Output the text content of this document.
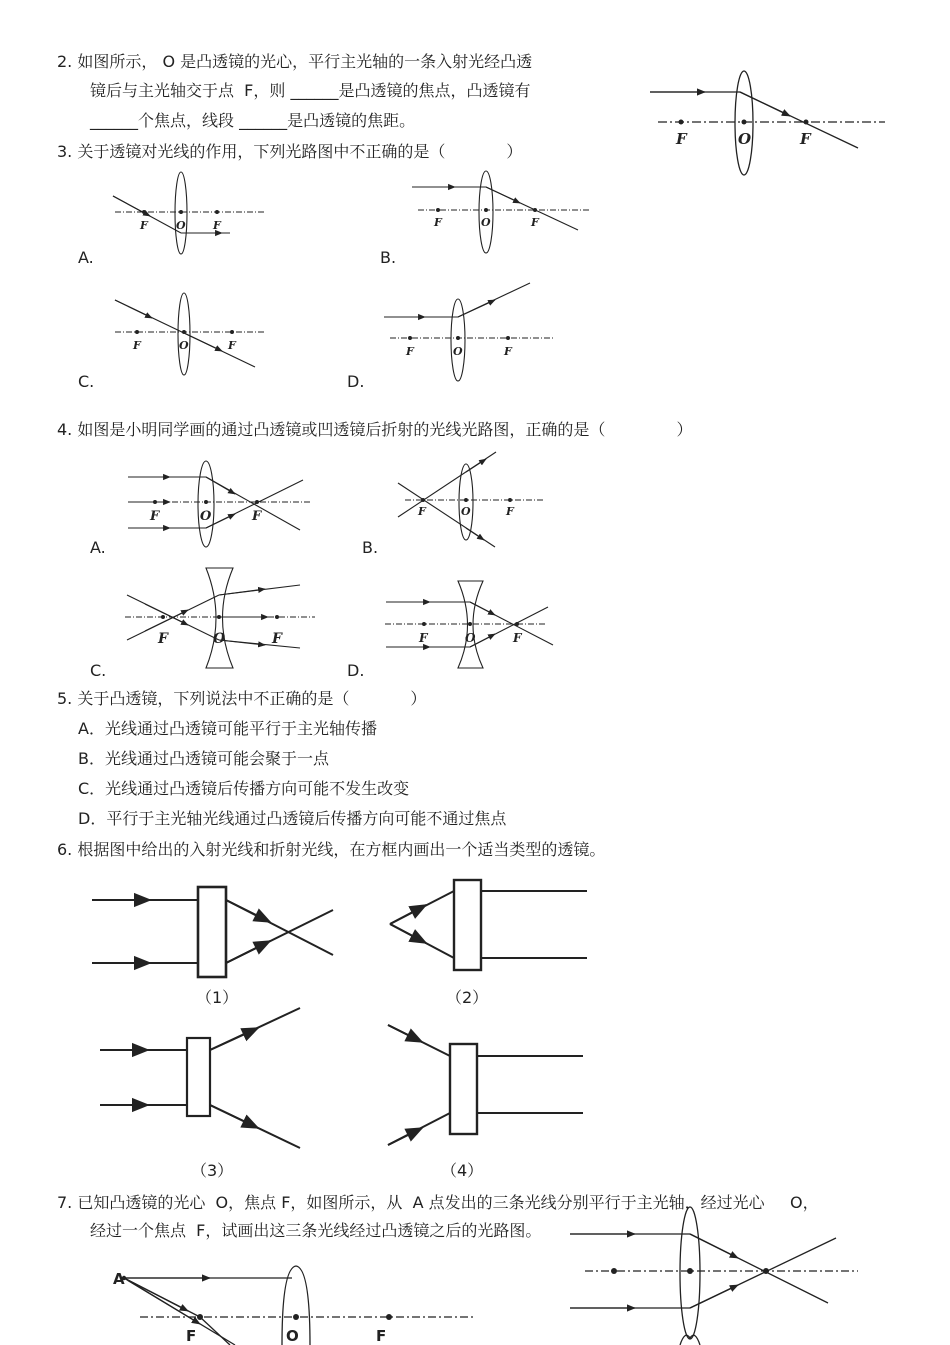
2. 如图所示， O 是凸透镜的光心，平行主光轴的一条入射光经凸透
镜后与主光轴交于点  F，则 ______是凸透镜的焦点，凸透镜有
______个焦点，线段 ______是凸透镜的焦距。
F	O	F
3. 关于透镜对光线的作用，下列光路图中不正确的是（            ）
F	O F	F	O	F
F	O	F	F	O	F
A.	B.
C.	D.
4. 如图是小明同学画的通过凸透镜或凹透镜后折射的光线光路图，正确的是（              ）
F	O	F	F	O	F
F	O	F	F	O	F
A.	B.
C.	D.
5. 关于凸透镜，下列说法中不正确的是（            ）
A．光线通过凸透镜可能平行于主光轴传播
B．光线通过凸透镜可能会聚于一点
C．光线通过凸透镜后传播方向可能不发生改变
D．平行于主光轴光线通过凸透镜后传播方向可能不通过焦点
6. 根据图中给出的入射光线和折射光线，在方框内画出一个适当类型的透镜。
（1）	（2）
（3）	（4）
7. 已知凸透镜的光心  O，焦点 F，如图所示，从  A 点发出的三条光线分别平行于主光轴，经过光心     O，
经过一个焦点  F，试画出这三条光线经过凸透镜之后的光路图。
A
F	O	F
